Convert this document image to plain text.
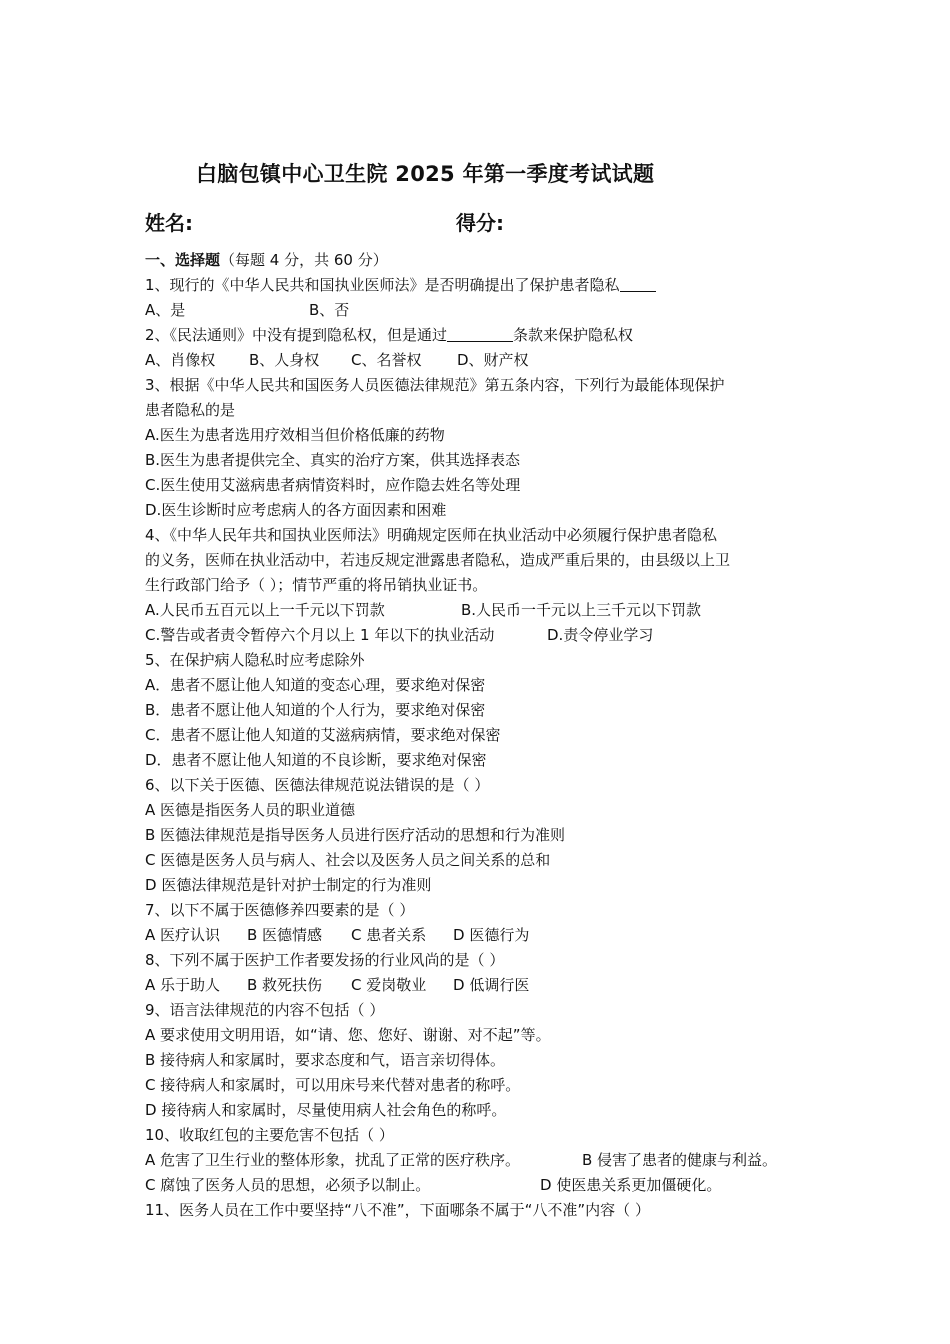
白脑包镇中心卫生院 2025 年第一季度考试试题
姓名:	得分:
一、选择题（每题 4 分，共 60 分）
1、现行的《中华人民共和国执业医师法》是否明确提出了保护患者隐私
A、是	B、否
2、《民法通则》中没有提到隐私权，但是通过	条款来保护隐私权
A、肖像权 B、人身权 C、名誉权 D、财产权
3、根据《中华人民共和国医务人员医德法律规范》第五条内容，下列行为最能体现保护
患者隐私的是
A.医生为患者选用疗效相当但价格低廉的药物
B.医生为患者提供完全、真实的治疗方案，供其选择表态
C.医生使用艾滋病患者病情资料时，应作隐去姓名等处理
D.医生诊断时应考虑病人的各方面因素和困难
4、《中华人民年共和国执业医师法》明确规定医师在执业活动中必须履行保护患者隐私
的义务，医师在执业活动中，若违反规定泄露患者隐私，造成严重后果的，由县级以上卫
生行政部门给予（ ）；情节严重的将吊销执业证书。
A.人民币五百元以上一千元以下罚款	B.人民币一千元以上三千元以下罚款
C.警告或者责令暂停六个月以上 1 年以下的执业活动	D.责令停业学习
5、在保护病人隐私时应考虑除外
A．患者不愿让他人知道的变态心理，要求绝对保密
B．患者不愿让他人知道的个人行为，要求绝对保密
C．患者不愿让他人知道的艾滋病病情，要求绝对保密
D．患者不愿让他人知道的不良诊断，要求绝对保密
6、以下关于医德、医德法律规范说法错误的是（ ）
A 医德是指医务人员的职业道德
B 医德法律规范是指导医务人员进行医疗活动的思想和行为准则
C 医德是医务人员与病人、社会以及医务人员之间关系的总和
D 医德法律规范是针对护士制定的行为准则
7、以下不属于医德修养四要素的是（ ）
A 医疗认识 B 医德情感 C 患者关系 D 医德行为
8、下列不属于医护工作者要发扬的行业风尚的是（ ）
A 乐于助人 B 救死扶伤 C 爱岗敬业 D 低调行医
9、语言法律规范的内容不包括（ ）
A 要求使用文明用语，如“请、您、您好、谢谢、对不起”等。
B 接待病人和家属时，要求态度和气，语言亲切得体。
C 接待病人和家属时，可以用床号来代替对患者的称呼。
D 接待病人和家属时，尽量使用病人社会角色的称呼。
10、收取红包的主要危害不包括（ ）
A 危害了卫生行业的整体形象，扰乱了正常的医疗秩序。	B 侵害了患者的健康与利益。
C 腐蚀了医务人员的思想，必须予以制止。	D 使医患关系更加僵硬化。
11、医务人员在工作中要坚持“八不准”，下面哪条不属于“八不准”内容（ ）
